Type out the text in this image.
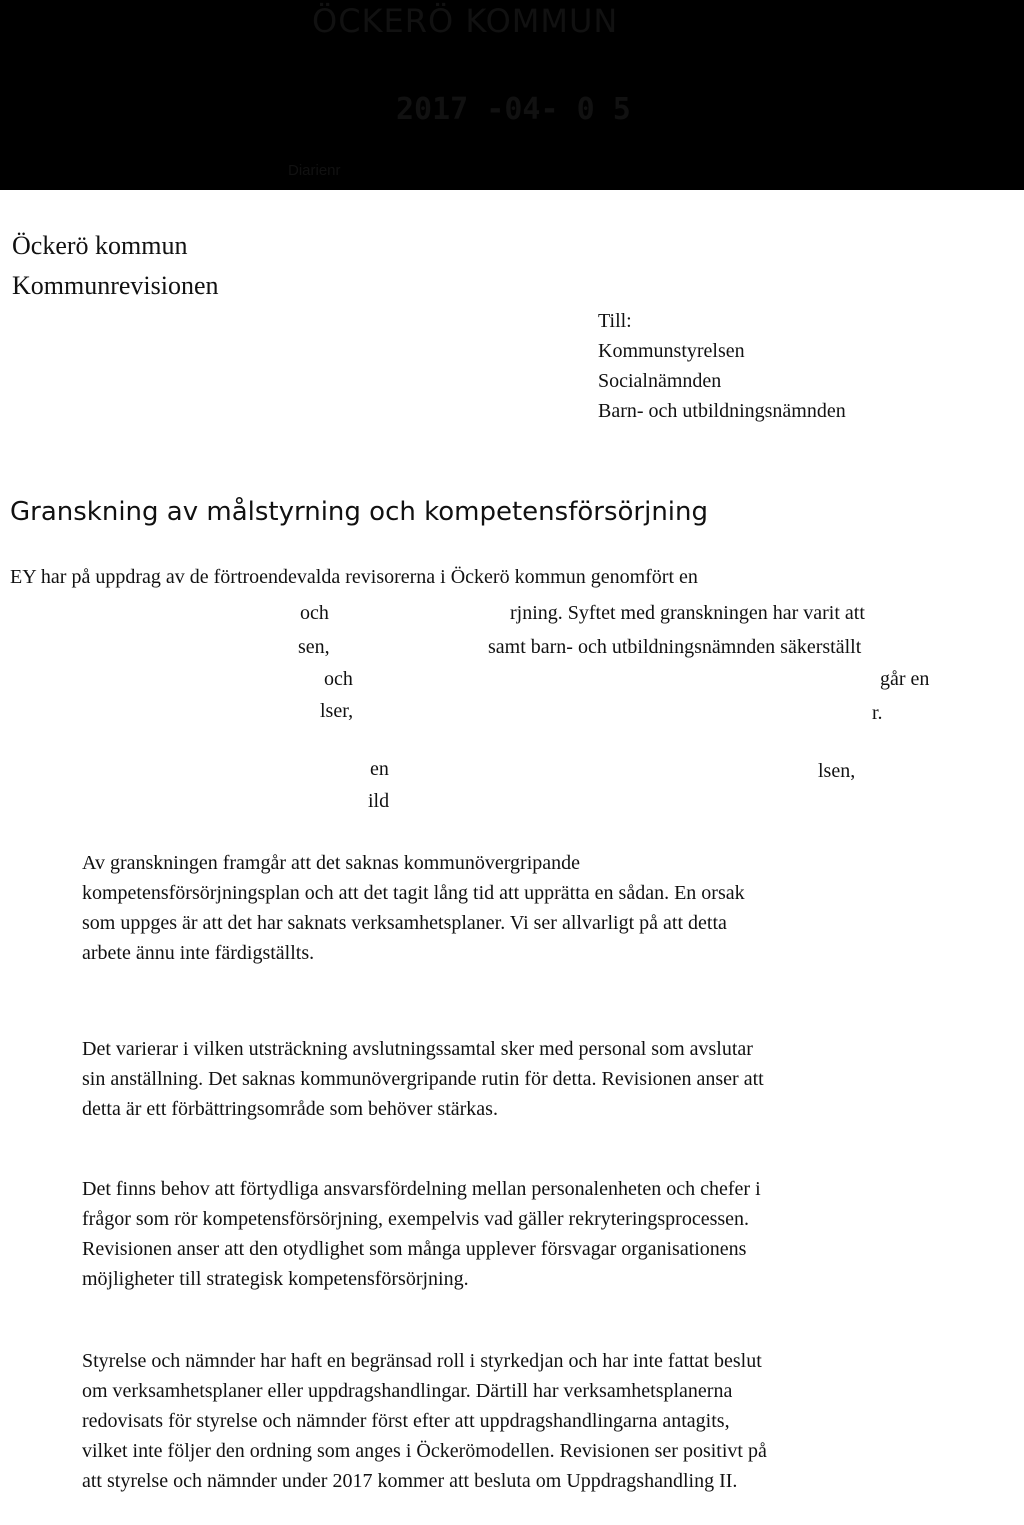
ÖCKERÖ KOMMUN
2017 -04- 0 5
Diarienr
Öckerö kommun
Kommunrevisionen
Till:
Kommunstyrelsen
Socialnämnden
Barn- och utbildningsnämnden
Granskning av målstyrning och kompetensförsörjning
EY har på uppdrag av de förtroendevalda revisorerna i Öckerö kommun genomfört en
och	rjning. Syftet med granskningen har varit att
sen,	samt barn- och utbildningsnämnden säkerställt
och	går en
lser,	r.
en	lsen,
ild
Av granskningen framgår att det saknas kommunövergripande
kompetensförsörjningsplan och att det tagit lång tid att upprätta en sådan. En orsak
som uppges är att det har saknats verksamhetsplaner. Vi ser allvarligt på att detta
arbete ännu inte färdigställts.
Det varierar i vilken utsträckning avslutningssamtal sker med personal som avslutar
sin anställning. Det saknas kommunövergripande rutin för detta. Revisionen anser att
detta är ett förbättringsområde som behöver stärkas.
Det finns behov att förtydliga ansvarsfördelning mellan personalenheten och chefer i
frågor som rör kompetensförsörjning, exempelvis vad gäller rekryteringsprocessen.
Revisionen anser att den otydlighet som många upplever försvagar organisationens
möjligheter till strategisk kompetensförsörjning.
Styrelse och nämnder har haft en begränsad roll i styrkedjan och har inte fattat beslut
om verksamhetsplaner eller uppdragshandlingar. Därtill har verksamhetsplanerna
redovisats för styrelse och nämnder först efter att uppdragshandlingarna antagits,
vilket inte följer den ordning som anges i Öckerömodellen. Revisionen ser positivt på
att styrelse och nämnder under 2017 kommer att besluta om Uppdragshandling II.
